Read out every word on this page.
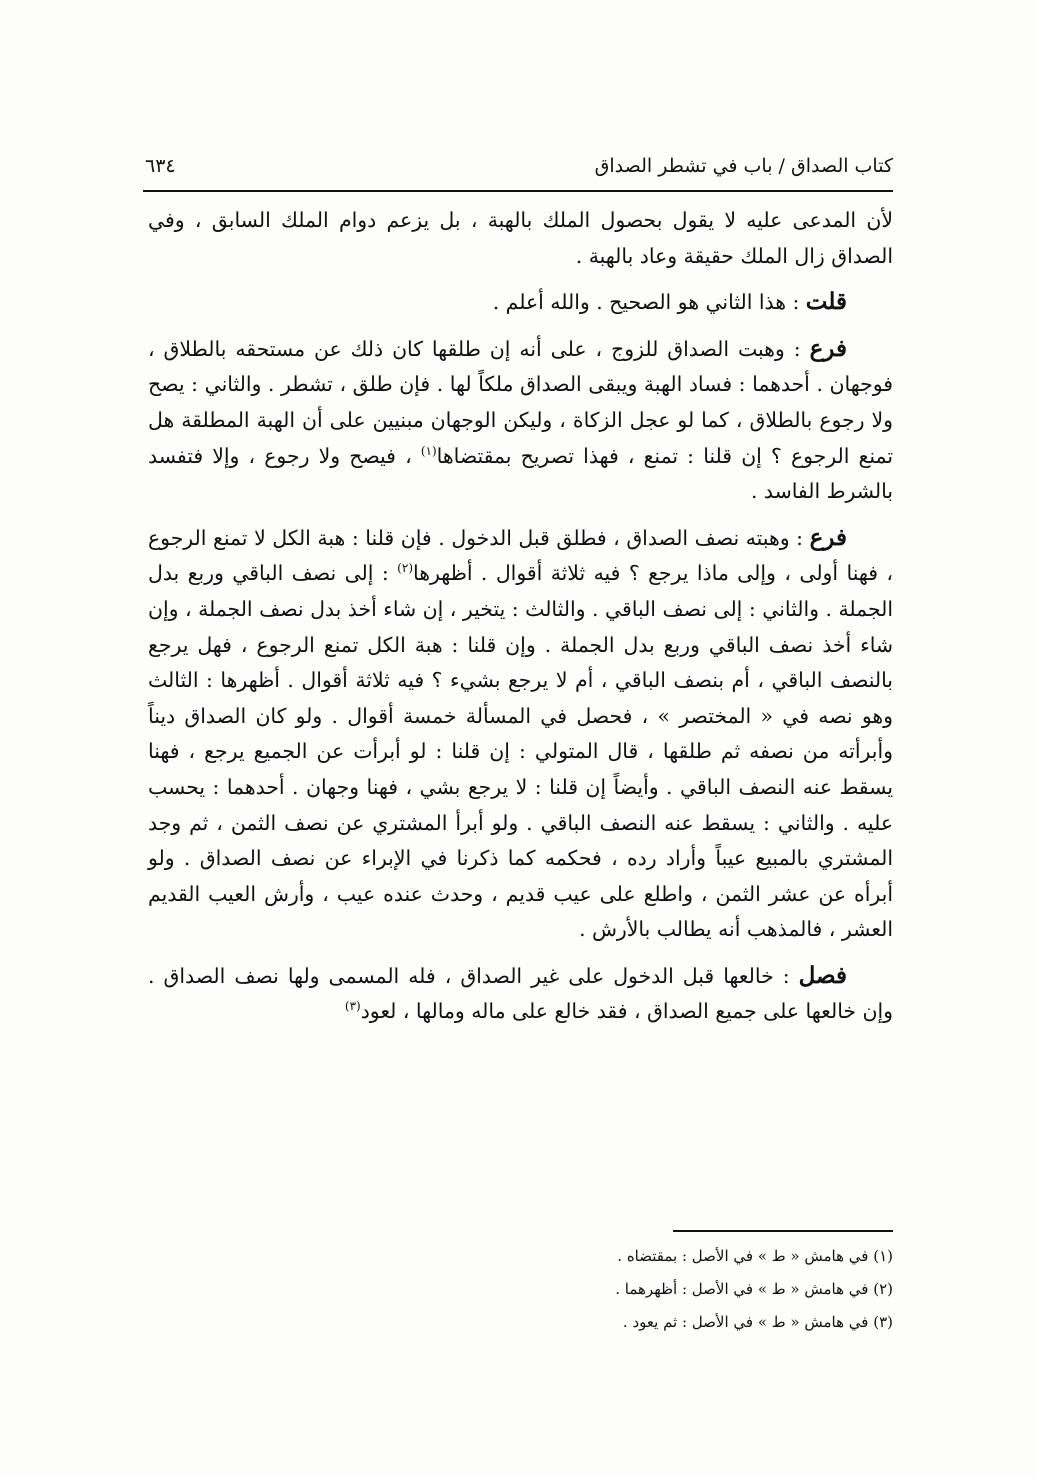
كتاب الصداق / باب في تشطر الصداق
٦٣٤

لأن المدعى عليه لا يقول بحصول الملك بالهبة ، بل يزعم دوام الملك السابق ، وفي الصداق زال الملك حقيقة وعاد بالهبة .

قلت : هذا الثاني هو الصحيح . والله أعلم .

فرع : وهبت الصداق للزوج ، على أنه إن طلقها كان ذلك عن مستحقه بالطلاق ، فوجهان . أحدهما : فساد الهبة ويبقى الصداق ملكاً لها . فإن طلق ، تشطر . والثاني : يصح ولا رجوع بالطلاق ، كما لو عجل الزكاة ، وليكن الوجهان مبنيين على أن الهبة المطلقة هل تمنع الرجوع ؟ إن قلنا : تمنع ، فهذا تصريح بمقتضاها$^{(١)}$ ، فيصح ولا رجوع ، وإلا فتفسد بالشرط الفاسد .

فرع : وهبته نصف الصداق ، فطلق قبل الدخول . فإن قلنا : هبة الكل لا تمنع الرجوع ، فهنا أولى ، وإلى ماذا يرجع ؟ فيه ثلاثة أقوال . أظهرها$^{(٢)}$ : إلى نصف الباقي وربع بدل الجملة . والثاني : إلى نصف الباقي . والثالث : يتخير ، إن شاء أخذ بدل نصف الجملة ، وإن شاء أخذ نصف الباقي وربع بدل الجملة . وإن قلنا : هبة الكل تمنع الرجوع ، فهل يرجع بالنصف الباقي ، أم بنصف الباقي ، أم لا يرجع بشيء ؟ فيه ثلاثة أقوال . أظهرها : الثالث وهو نصه في « المختصر » ، فحصل في المسألة خمسة أقوال . ولو كان الصداق ديناً وأبرأته من نصفه ثم طلقها ، قال المتولي : إن قلنا : لو أبرأت عن الجميع يرجع ، فهنا يسقط عنه النصف الباقي . وأيضاً إن قلنا : لا يرجع بشي ، فهنا وجهان . أحدهما : يحسب عليه . والثاني : يسقط عنه النصف الباقي . ولو أبرأ المشتري عن نصف الثمن ، ثم وجد المشتري بالمبيع عيباً وأراد رده ، فحكمه كما ذكرنا في الإبراء عن نصف الصداق . ولو أبرأه عن عشر الثمن ، واطلع على عيب قديم ، وحدث عنده عيب ، وأرش العيب القديم العشر ، فالمذهب أنه يطالب بالأرش .

فصل : خالعها قبل الدخول على غير الصداق ، فله المسمى ولها نصف الصداق . وإن خالعها على جميع الصداق ، فقد خالع على ماله ومالها ، لعود$^{(٣)}$

(١) في هامش « ط » في الأصل : بمقتضاه .
(٢) في هامش « ط » في الأصل : أظهرهما .
(٣) في هامش « ط » في الأصل : ثم يعود .
